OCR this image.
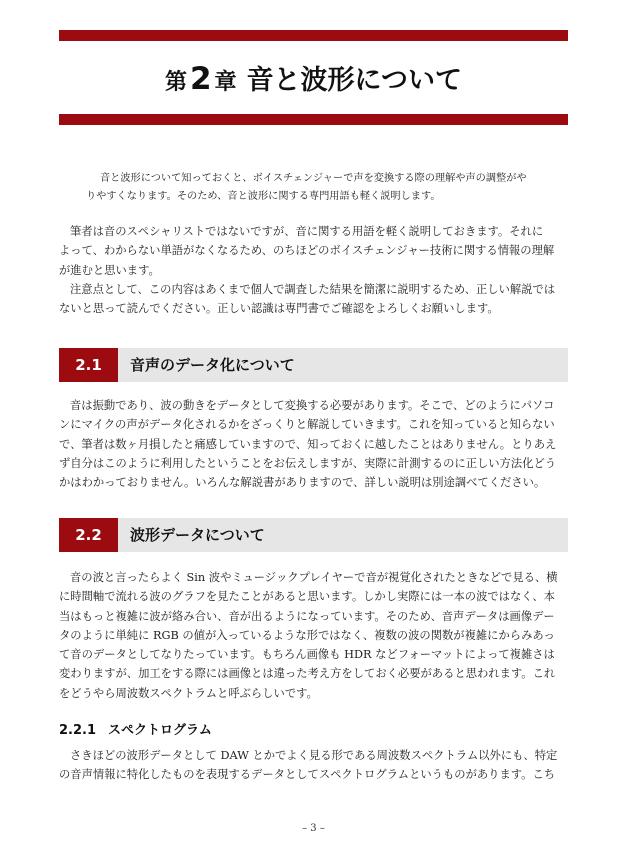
第2 章 音と波形について
音と波形について知っておくと、ボイスチェンジャーで声を変換する際の理解や声の調整がや
りやすくなります。そのため、音と波形に関する専門用語も軽く説明します。
筆者は音のスペシャリストではないですが、音に関する用語を軽く説明しておきます。それに
よって、わからない単語がなくなるため、のちほどのボイスチェンジャー技術に関する情報の理解
が進むと思います。
注意点として、この内容はあくまで個人で調査した結果を簡潔に説明するため、正しい解説では
ないと思って読んでください。正しい認識は専門書でご確認をよろしくお願いします。
2.1	音声のデータ化について
音は振動であり、波の動きをデータとして変換する必要があります。そこで、どのようにパソコ
ンにマイクの声がデータ化されるかをざっくりと解説していきます。これを知っていると知らない
で、筆者は数ヶ月損したと痛感していますので、知っておくに越したことはありません。とりあえ
ず自分はこのように利用したということをお伝えしますが、実際に計測するのに正しい方法化どう
かはわかっておりません。いろんな解説書がありますので、詳しい説明は別途調べてください。
2.2	波形データについて
音の波と言ったらよく Sin 波やミュージックプレイヤーで音が視覚化されたときなどで見る、横
に時間軸で流れる波のグラフを見たことがあると思います。しかし実際には一本の波ではなく、本
当はもっと複雑に波が絡み合い、音が出るようになっています。そのため、音声データは画像デー
タのように単純に RGB の値が入っているような形ではなく、複数の波の関数が複雑にからみあっ
て音のデータとしてなりたっています。もちろん画像も HDR などフォーマットによって複雑さは
変わりますが、加工をする際には画像とは違った考え方をしておく必要があると思われます。これ
をどうやら周波数スペクトラムと呼ぶらしいです。
2.2.1 スペクトログラム
さきほどの波形データとして DAW とかでよく見る形である周波数スペクトラム以外にも、特定
の音声情報に特化したものを表現するデータとしてスペクトログラムというものがあります。こち
– 3 –
